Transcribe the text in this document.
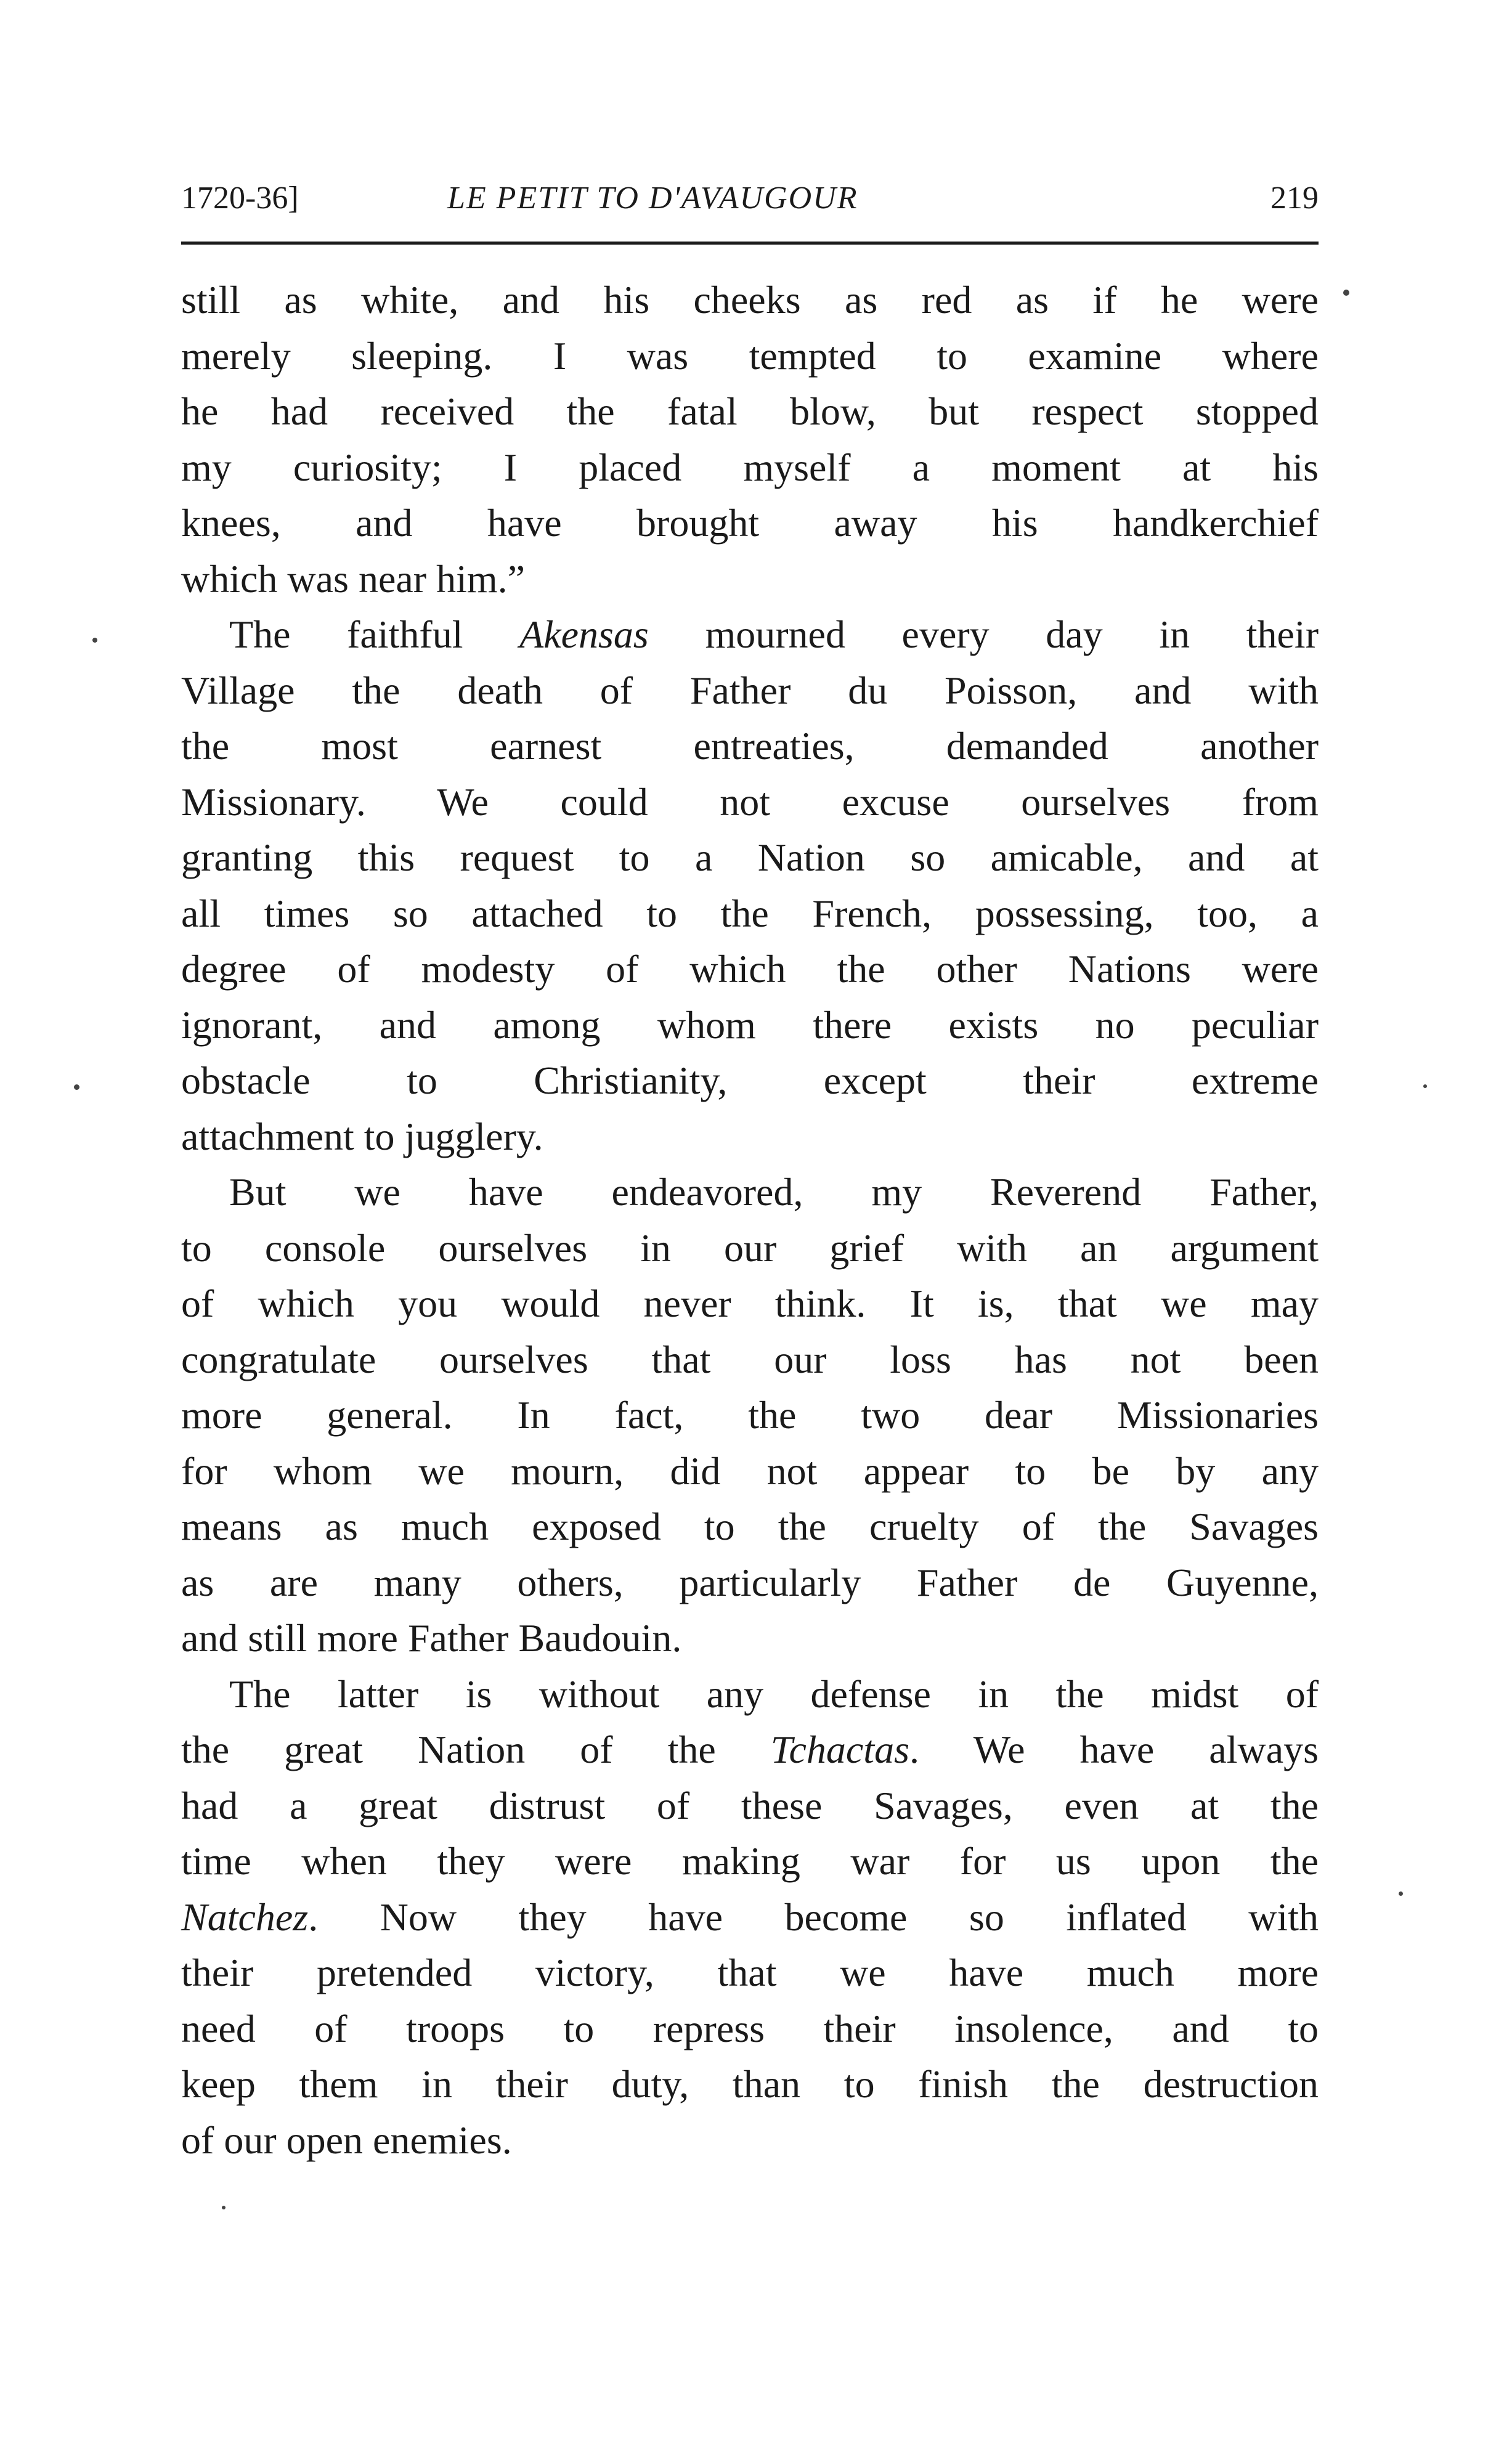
1720-36]	LE PETIT TO D'AVAUGOUR	219
still as white, and his cheeks as red as if he were
merely sleeping. I was tempted to examine where
he had received the fatal blow, but respect stopped
my curiosity; I placed myself a moment at his
knees, and have brought away his handkerchief
which was near him.”
The faithful Akensas mourned every day in their
Village the death of Father du Poisson, and with
the most earnest entreaties, demanded another
Missionary. We could not excuse ourselves from
granting this request to a Nation so amicable, and at
all times so attached to the French, possessing, too, a
degree of modesty of which the other Nations were
ignorant, and among whom there exists no peculiar
obstacle to Christianity, except their extreme
attachment to jugglery.
But we have endeavored, my Reverend Father,
to console ourselves in our grief with an argument
of which you would never think. It is, that we may
congratulate ourselves that our loss has not been
more general. In fact, the two dear Missionaries
for whom we mourn, did not appear to be by any
means as much exposed to the cruelty of the Savages
as are many others, particularly Father de Guyenne,
and still more Father Baudouin.
The latter is without any defense in the midst of
the great Nation of the Tchactas. We have always
had a great distrust of these Savages, even at the
time when they were making war for us upon the
Natchez. Now they have become so inflated with
their pretended victory, that we have much more
need of troops to repress their insolence, and to
keep them in their duty, than to finish the destruction
of our open enemies.
